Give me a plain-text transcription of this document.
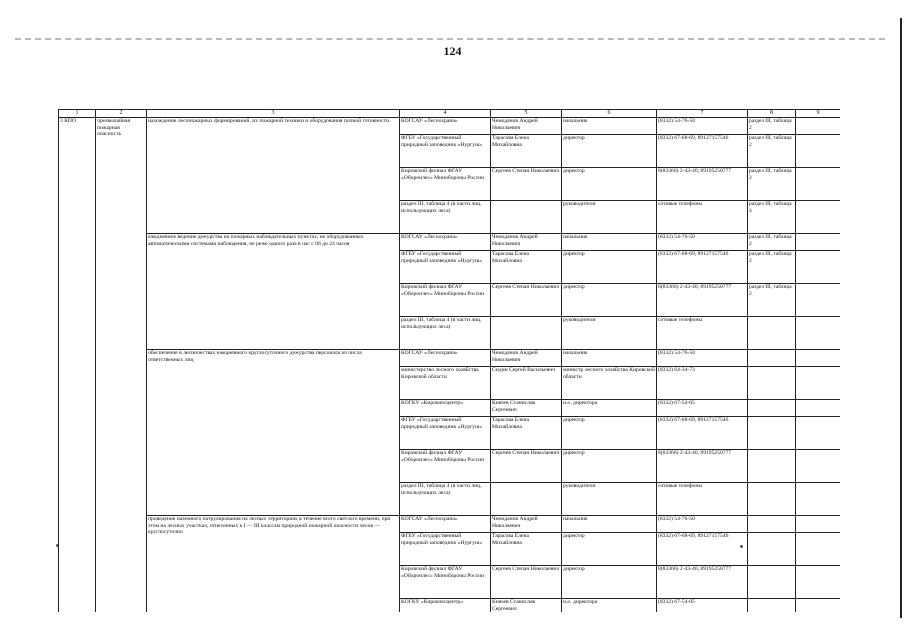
124
1	2	3	4	5	6	7	8	9
3 КПО	чрезвычайная пожарная опасность	нахождение лесопожарных формирований, их пожарной техники и оборудования полной готовности.	КОГСАУ «Лесоохрана»	Чемоданов Андрей Николаевич	начальник	(8332) 54-76-50	раздел III, таблица 2	
			ФГБУ «Государственный природный заповедник «Нургуш»	Тарасова Елена Михайловна	директор	(8332) 67-68-69, 89127157546	раздел III, таблица 2	
			Кировский филиал ФГАУ «Оборонлес» Минобороны России	Сергеев Степан Николаевич	директор	8(83366) 2-43-40, 89195250777	раздел III, таблица 2	
			раздел III, таблица 4 (в части лиц, использующих леса)		руководители	сотовые телефоны	раздел III, таблица 4	
		ежедневное ведение дежурства на пожарных наблюдательных пунктах, не оборудованных автоматическими системами наблюдения, не реже одного раза в час с 06 до 24 часов	КОГСАУ «Лесоохрана»	Чемоданов Андрей Николаевич	начальник	(8332) 54-76-50	раздел III, таблица 2	
			ФГБУ «Государственный природный заповедник «Нургуш»	Тарасова Елена Михайловна	директор	(8332) 67-68-69, 89127157546	раздел III, таблица 2	
			Кировский филиал ФГАУ «Оборонлес» Минобороны России	Сергеев Степан Николаевич	директор	8(83366) 2-43-40, 89195250777	раздел III, таблица 2	
			раздел III, таблица 4 (в части лиц, использующих леса)		руководители	сотовые телефоны		
		обеспечение в лесничествах ежедневного круглосуточного дежурства персонала из числа ответственных лиц	КОГСАУ «Лесоохрана»	Чемоданов Андрей Николаевич	начальник	(8332) 54-76-50		
			министерство лесного хозяйства Кировской области	Сидин Сергей Васильевич	министр лесного хозяйства Кировской области	(8332) 64-34-73		
			КОГКУ «Кировлесцентр»	Князев Станислав Сергеевич	и.о. директора	(8332) 67-54-05		
			ФГБУ «Государственный природный заповедник «Нургуш»	Тарасова Елена Михайловна	директор	(8332) 67-68-69, 89127157546		
			Кировский филиал ФГАУ «Оборонлес» Минобороны России	Сергеев Степан Николаевич	директор	8(83366) 2-43-40, 89195250777		
			раздел III, таблица 4 (в части лиц, использующих леса)		руководители	сотовые телефоны		
		проведение наземного патрулирования на лесных территориях в течение всего светлого времени, при этом на лесных участках, отнесенных к I — III классам природной пожарной опасности лесов — круглосуточно	КОГСАУ «Лесоохрана»	Чемоданов Андрей Николаевич	начальник	(8332) 54-76-50		
			ФГБУ «Государственный природный заповедник «Нургуш»	Тарасова Елена Михайловна	директор	(8332) 67-68-69, 89127157546		
			Кировский филиал ФГАУ «Оборонлес» Минобороны России	Сергеев Степан Николаевич	директор	8(83366) 2-43-40, 89195250777		
			КОГКУ «Кировлесцентр»	Князев Станислав Сергеевич	и.о. директора	(8332) 67-54-05		
